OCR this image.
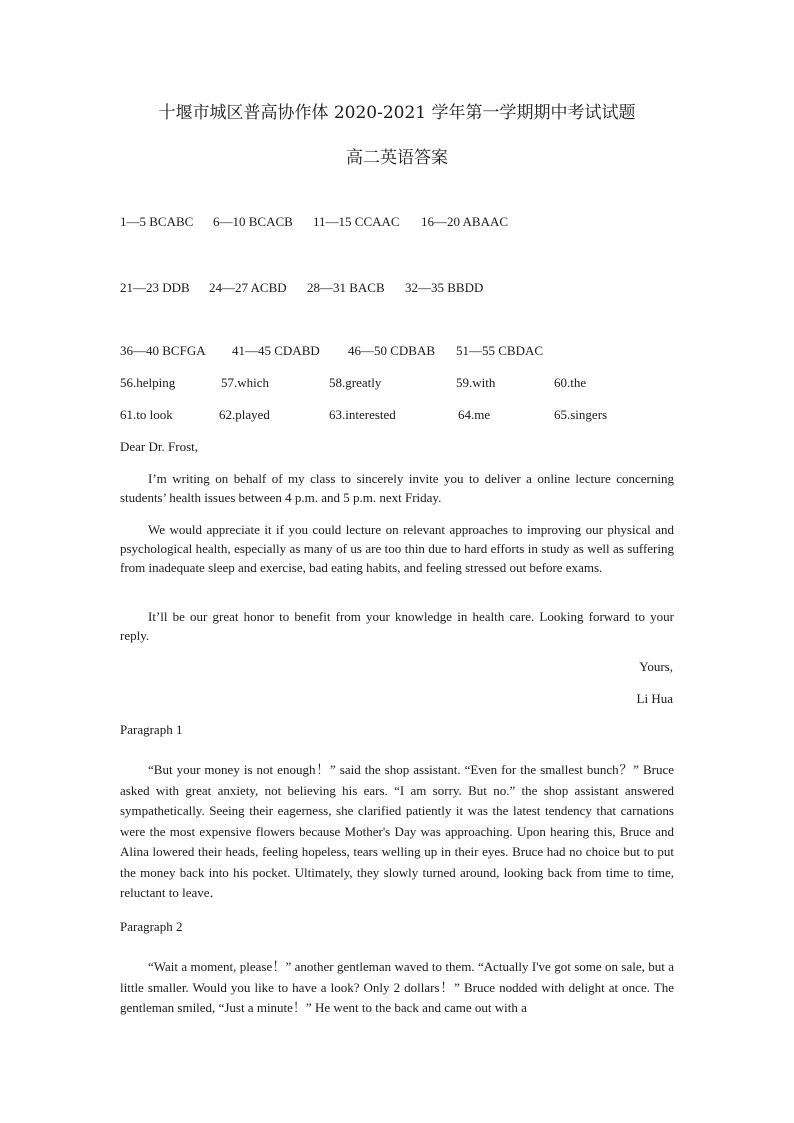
十堰市城区普高协作体 2020-2021 学年第一学期期中考试试题
高二英语答案
1—5 BCABC 6—10 BCACB 11—15 CCAAC 16—20 ABAAC
21—23 DDB 24—27 ACBD 28—31 BACB 32—35 BBDD
36—40 BCFGA 41—45 CDABD 46—50 CDBAB 51—55 CBDAC
56.helping	57.which	58.greatly	59.with	60.the
61.to look	62.played	63.interested	64.me	65.singers
Dear Dr. Frost,

I’m writing on behalf of my class to sincerely invite you to deliver a online lecture concerning students’ health issues between 4 p.m. and 5 p.m. next Friday.

We would appreciate it if you could lecture on relevant approaches to improving our physical and psychological health, especially as many of us are too thin due to hard efforts in study as well as suffering from inadequate sleep and exercise, bad eating habits, and feeling stressed out before exams.

It’ll be our great honor to benefit from your knowledge in health care. Looking forward to your reply.

Yours,
Li Hua
Paragraph 1

“But your money is not enough！” said the shop assistant. “Even for the smallest bunch？” Bruce asked with great anxiety, not believing his ears. “I am sorry. But no.” the shop assistant answered sympathetically. Seeing their eagerness, she clarified patiently it was the latest tendency that carnations were the most expensive flowers because Mother's Day was approaching. Upon hearing this, Bruce and Alina lowered their heads, feeling hopeless, tears welling up in their eyes. Bruce had no choice but to put the money back into his pocket. Ultimately, they slowly turned around, looking back from time to time, reluctant to leave．

Paragraph 2

“Wait a moment, please！” another gentleman waved to them. “Actually I've got some on sale, but a little smaller. Would you like to have a look? Only 2 dollars！” Bruce nodded with delight at once. The gentleman smiled, “Just a minute！” He went to the back and came out with a
